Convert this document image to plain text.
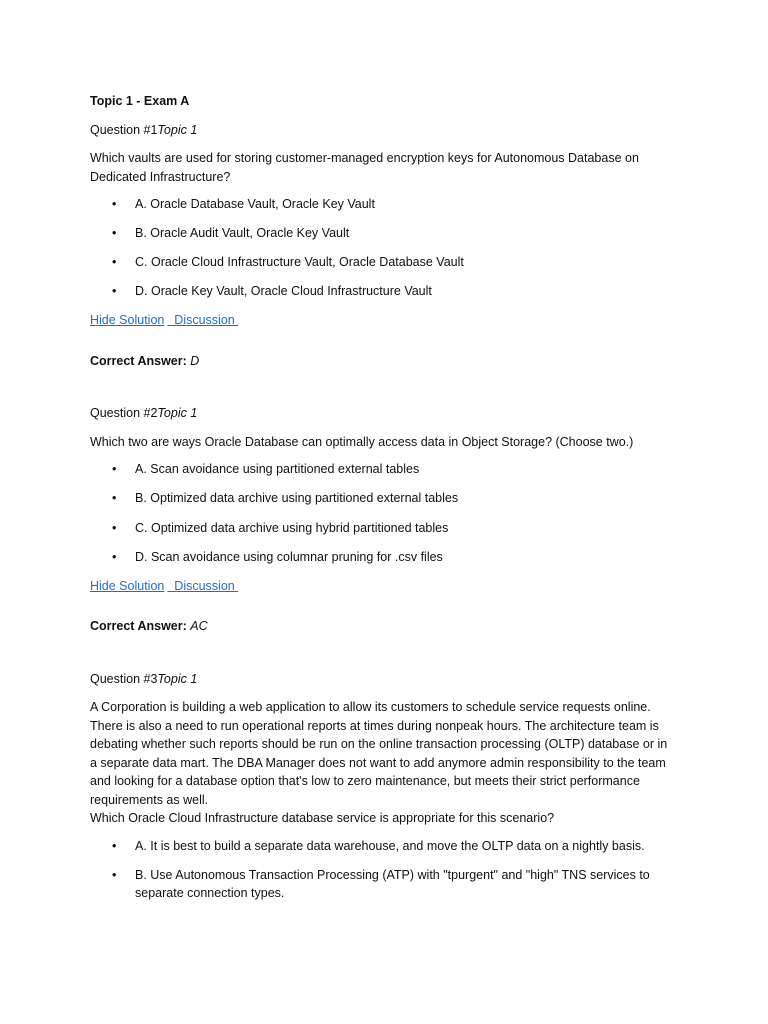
Topic 1 - Exam A
Question #1Topic 1
Which vaults are used for storing customer-managed encryption keys for Autonomous Database on Dedicated Infrastructure?
• A. Oracle Database Vault, Oracle Key Vault
• B. Oracle Audit Vault, Oracle Key Vault
• C. Oracle Cloud Infrastructure Vault, Oracle Database Vault
• D. Oracle Key Vault, Oracle Cloud Infrastructure Vault
Hide Solution  Discussion
Correct Answer: D
Question #2Topic 1
Which two are ways Oracle Database can optimally access data in Object Storage? (Choose two.)
• A. Scan avoidance using partitioned external tables
• B. Optimized data archive using partitioned external tables
• C. Optimized data archive using hybrid partitioned tables
• D. Scan avoidance using columnar pruning for .csv files
Hide Solution  Discussion
Correct Answer: AC
Question #3Topic 1
A Corporation is building a web application to allow its customers to schedule service requests online.
There is also a need to run operational reports at times during nonpeak hours. The architecture team is
debating whether such reports should be run on the online transaction processing (OLTP) database or in
a separate data mart. The DBA Manager does not want to add anymore admin responsibility to the team
and looking for a database option that's low to zero maintenance, but meets their strict performance
requirements as well.
Which Oracle Cloud Infrastructure database service is appropriate for this scenario?
• A. It is best to build a separate data warehouse, and move the OLTP data on a nightly basis.
• B. Use Autonomous Transaction Processing (ATP) with "tpurgent" and "high" TNS services to separate connection types.
